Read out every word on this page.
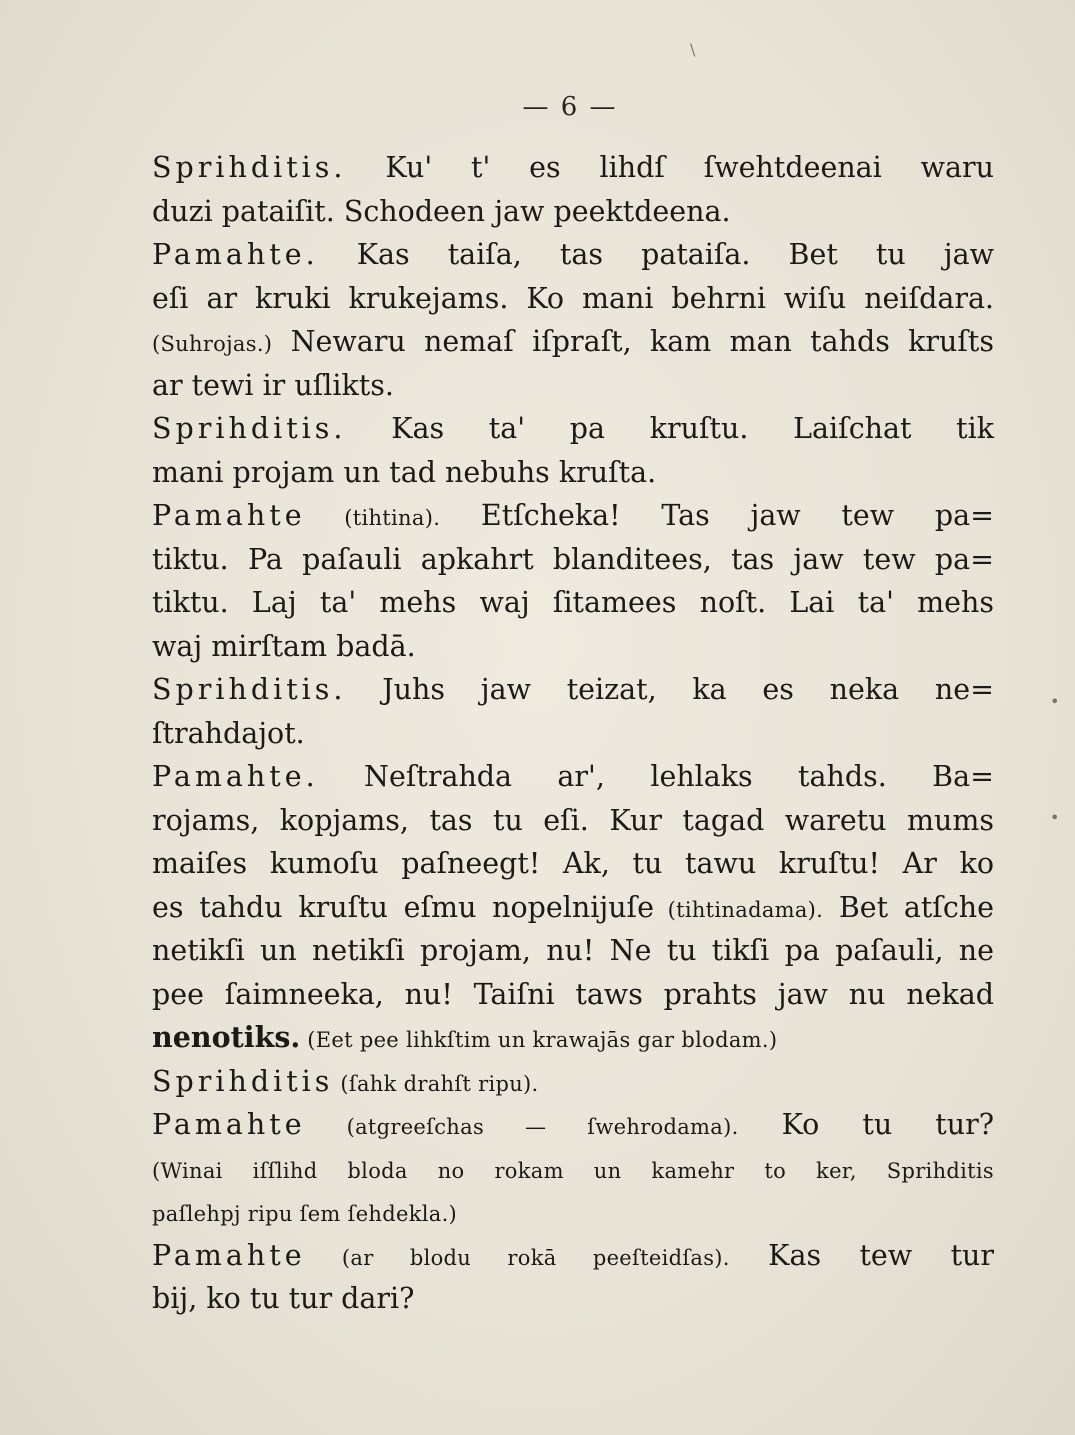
— 6 —
Sprihditis. Ku' t' es lihdſ ſwehtdeenai waru
duzi pataiſit. Schodeen jaw peektdeena.
Pamahte. Kas taiſa, tas pataiſa. Bet tu jaw
eſi ar kruki krukejams. Ko mani behrni wiſu neiſdara.
(Suhrojas.) Newaru nemaſ iſpraſt, kam man tahds kruſts
ar tewi ir uſlikts.
Sprihditis. Kas ta' pa kruſtu. Laiſchat tik
mani projam un tad nebuhs kruſta.
Pamahte (tihtina). Etſcheka! Tas jaw tew pa=
tiktu. Pa paſauli apkahrt blanditees, tas jaw tew pa=
tiktu. Laj ta' mehs waj ſitamees noſt. Lai ta' mehs
waj mirſtam badā.
Sprihditis. Juhs jaw teizat, ka es neka ne=
ſtrahdajot.
Pamahte. Neſtrahda ar', lehlaks tahds. Ba=
rojams, kopjams, tas tu eſi. Kur tagad waretu mums
maiſes kumoſu paſneegt! Ak, tu tawu kruſtu! Ar ko
es tahdu kruſtu eſmu nopelnijuſe (tihtinadama). Bet atſche
netikſi un netikſi projam, nu! Ne tu tikſi pa paſauli, ne
pee ſaimneeka, nu! Taiſni taws prahts jaw nu nekad
nenotiks. (Eet pee lihkſtim un krawajās gar blodam.)
Sprihditis (ſahk drahſt ripu).
Pamahte (atgreeſchas — ſwehrodama). Ko tu tur?
(Winai iſſlihd bloda no rokam un kamehr to ker, Sprihditis
paſlehpj ripu ſem ſehdekla.)
Pamahte (ar blodu rokā peeſteidſas). Kas tew tur
bij, ko tu tur dari?
\
•
•
